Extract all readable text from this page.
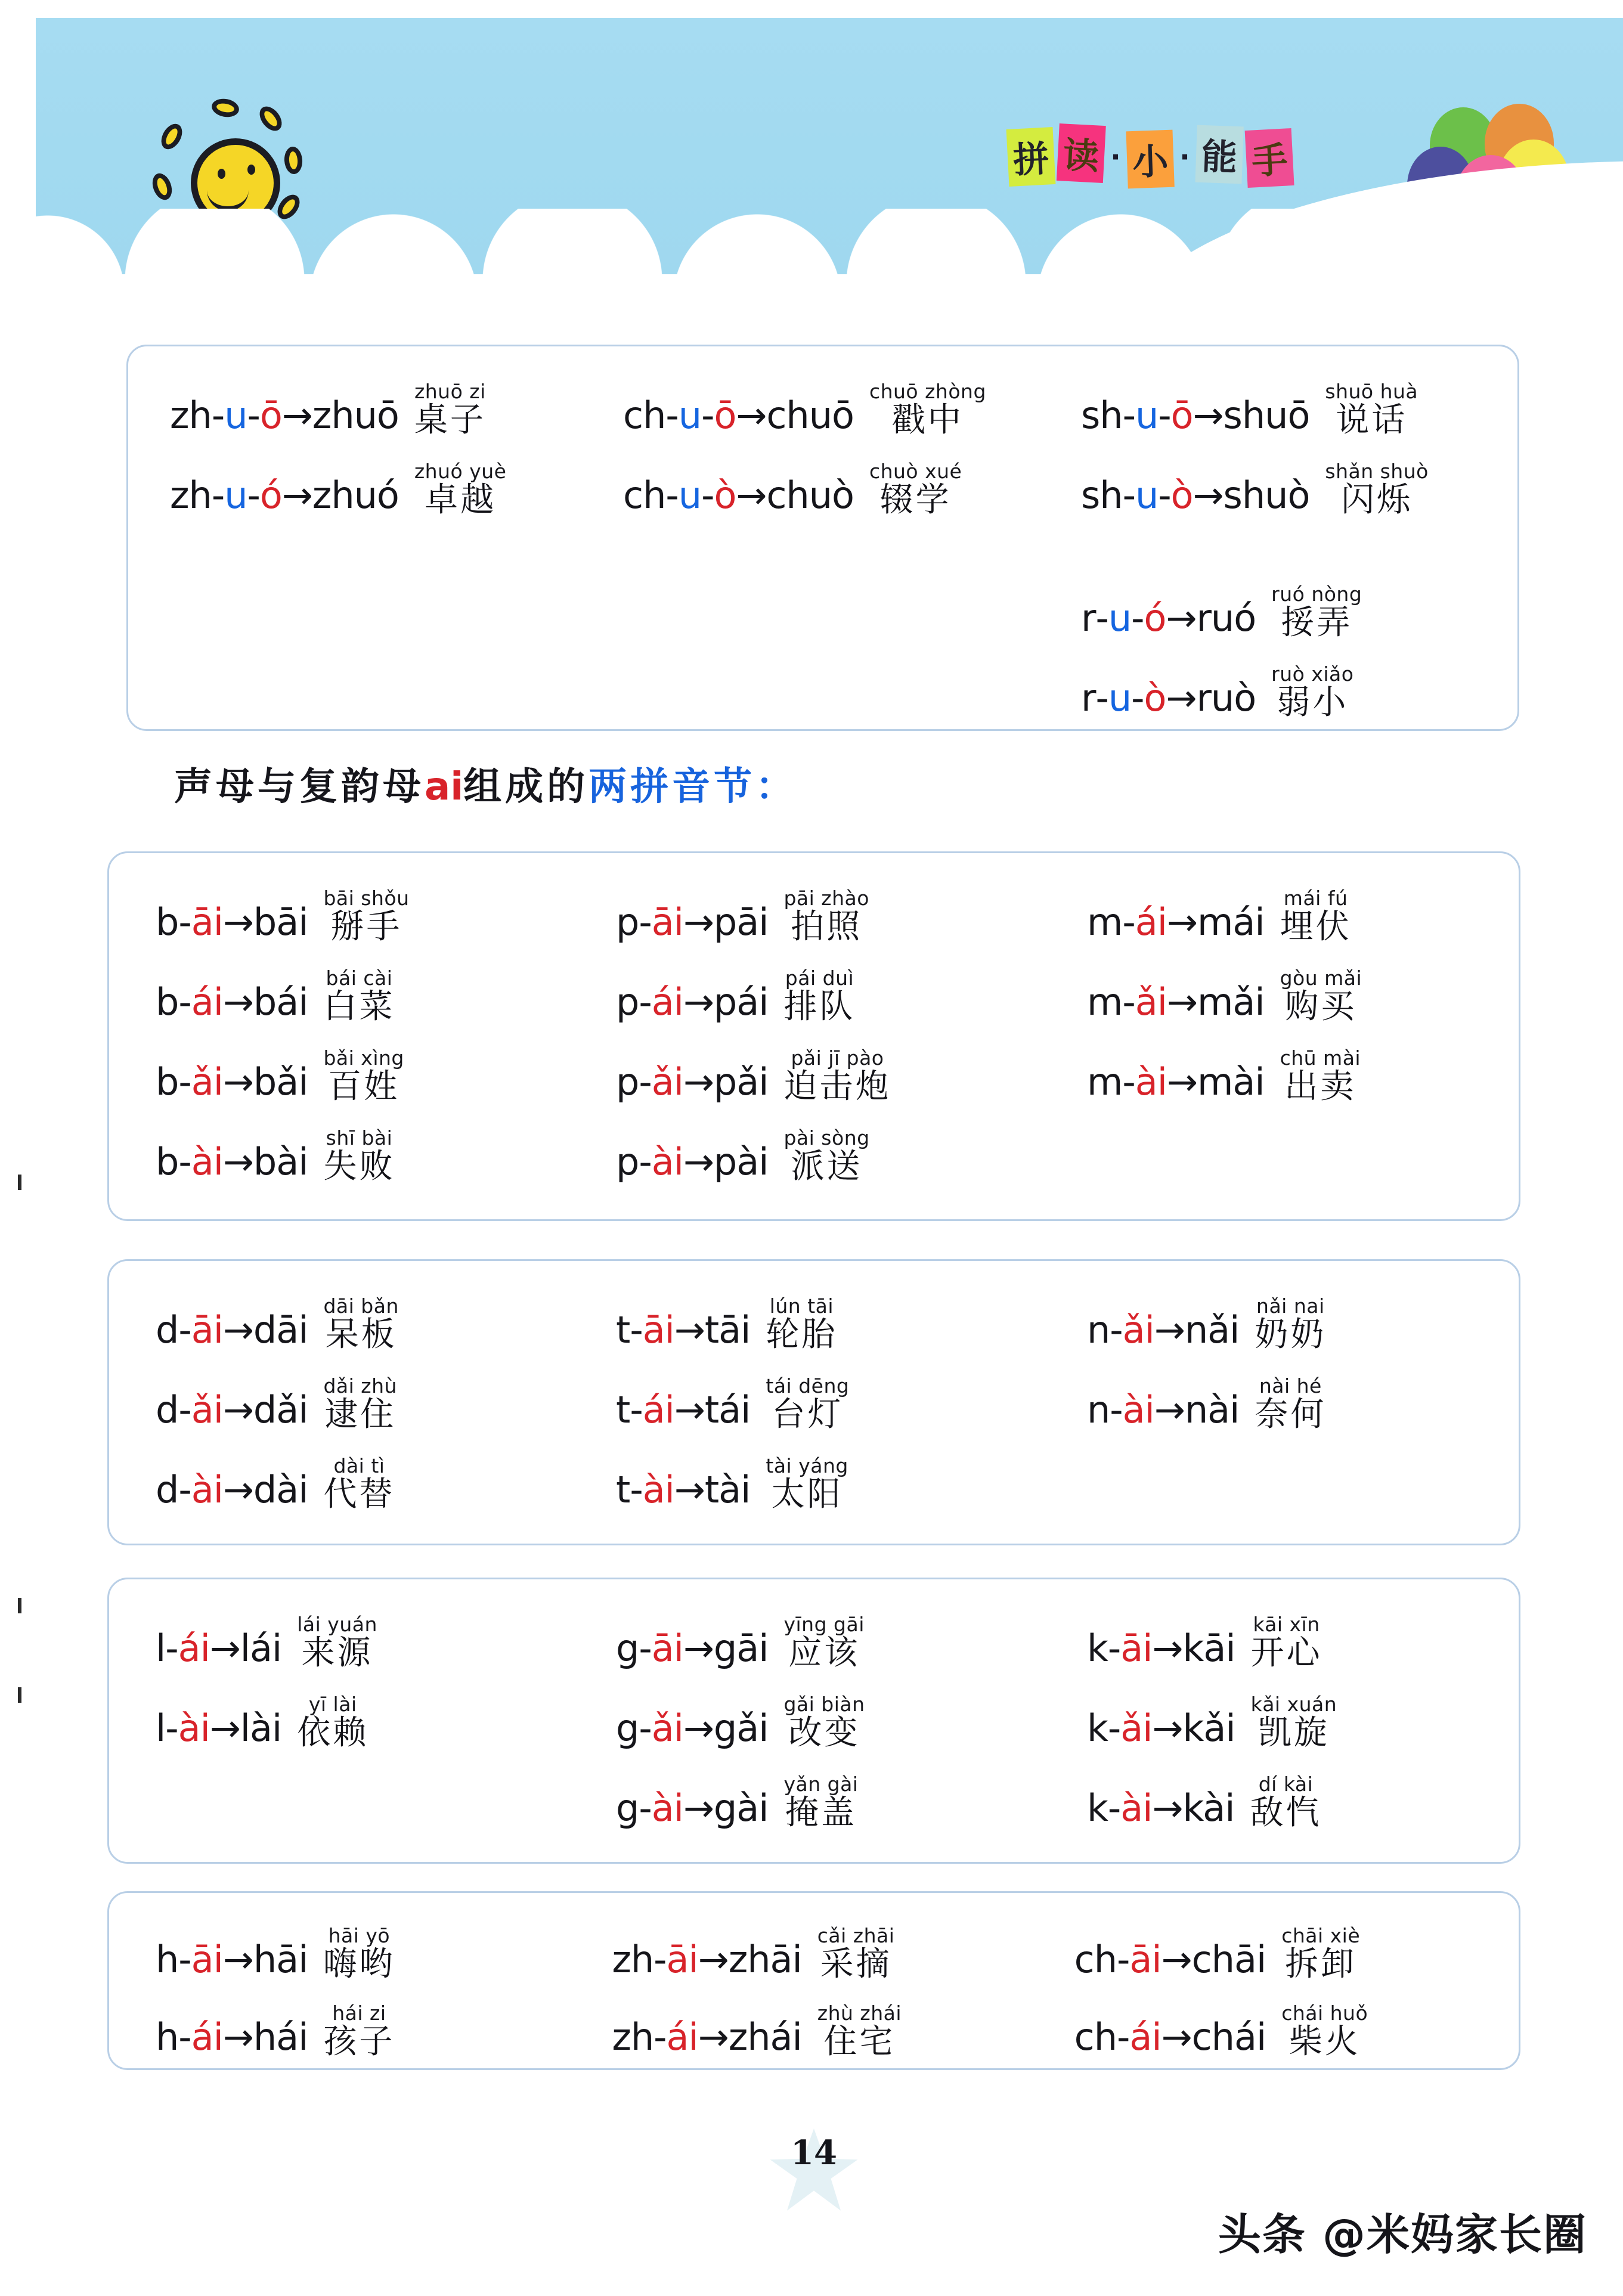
拼 读 · 小 · 能 手
zh - u - ō → zhuō
zhuō zi
桌子
zh - u - ó → zhuó
zhuó yuè
卓越
ch - u - ō → chuō
chuō zhòng
戳中
ch - u - ò → chuò
chuò xué
辍学
sh - u - ō → shuō
shuō huà
说话
sh - u - ò → shuò
shǎn shuò
闪烁
r - u - ó → ruó
ruó nòng
挼弄
r - u - ò → ruò
ruò xiǎo
弱小
声母与复韵母ai组成的两拼音节：
b - āi → bāi
bāi shǒu
掰手
b - ái → bái
bái cài
白菜
b - ǎi → bǎi
bǎi xìng
百姓
b - ài → bài
shī bài
失败
p - āi → pāi
pāi zhào
拍照
p - ái → pái
pái duì
排队
p - ǎi → pǎi
pǎi jī pào
迫击炮
p - ài → pài
pài sòng
派送
m - ái → mái
mái fú
埋伏
m - ǎi → mǎi
gòu mǎi
购买
m - ài → mài
chū mài
出卖
d - āi → dāi
dāi bǎn
呆板
d - ǎi → dǎi
dǎi zhù
逮住
d - ài → dài
dài tì
代替
t - āi → tāi
lún tāi
轮胎
t - ái → tái
tái dēng
台灯
t - ài → tài
tài yáng
太阳
n - ǎi → nǎi
nǎi nai
奶奶
n - ài → nài
nài hé
奈何
l - ái → lái
lái yuán
来源
l - ài → lài
yī lài
依赖
g - āi → gāi
yīng gāi
应该
g - ǎi → gǎi
gǎi biàn
改变
g - ài → gài
yǎn gài
掩盖
k - āi → kāi
kāi xīn
开心
k - ǎi → kǎi
kǎi xuán
凯旋
k - ài → kài
dí kài
敌忾
h - āi → hāi
hāi yō
嗨哟
h - ái → hái
hái zi
孩子
zh - āi → zhāi
cǎi zhāi
采摘
zh - ái → zhái
zhù zhái
住宅
ch - āi → chāi
chāi xiè
拆卸
ch - ái → chái
chái huǒ
柴火
14
头条 @米妈家长圈
